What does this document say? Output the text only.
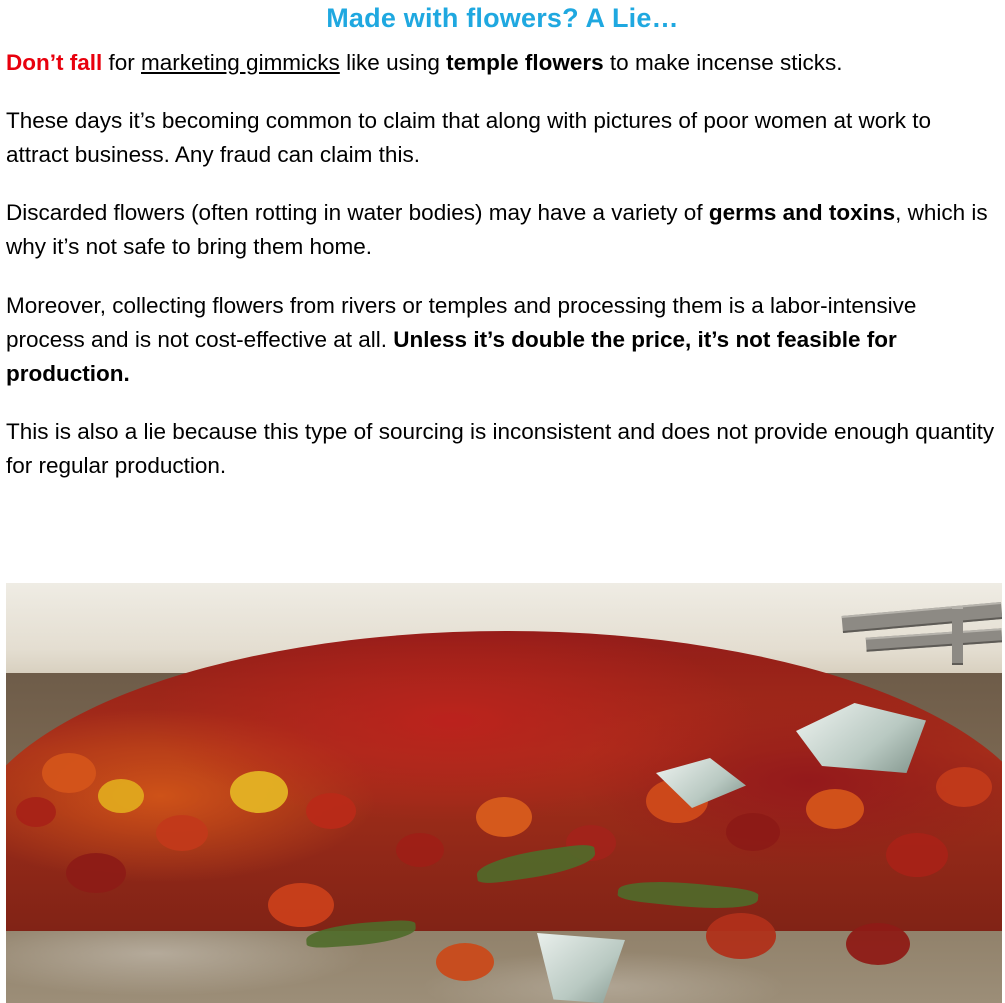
Made with flowers? A Lie…

Don’t fall for marketing gimmicks like using temple flowers to make incense sticks.

These days it’s becoming common to claim that along with pictures of poor women at work to attract business. Any fraud can claim this.

Discarded flowers (often rotting in water bodies) may have a variety of germs and toxins, which is why it’s not safe to bring them home.

Moreover, collecting flowers from rivers or temples and processing them is a labor-intensive process and is not cost-effective at all. Unless it’s double the price, it’s not feasible for production.

This is also a lie because this type of sourcing is inconsistent and does not provide enough quantity for regular production.
